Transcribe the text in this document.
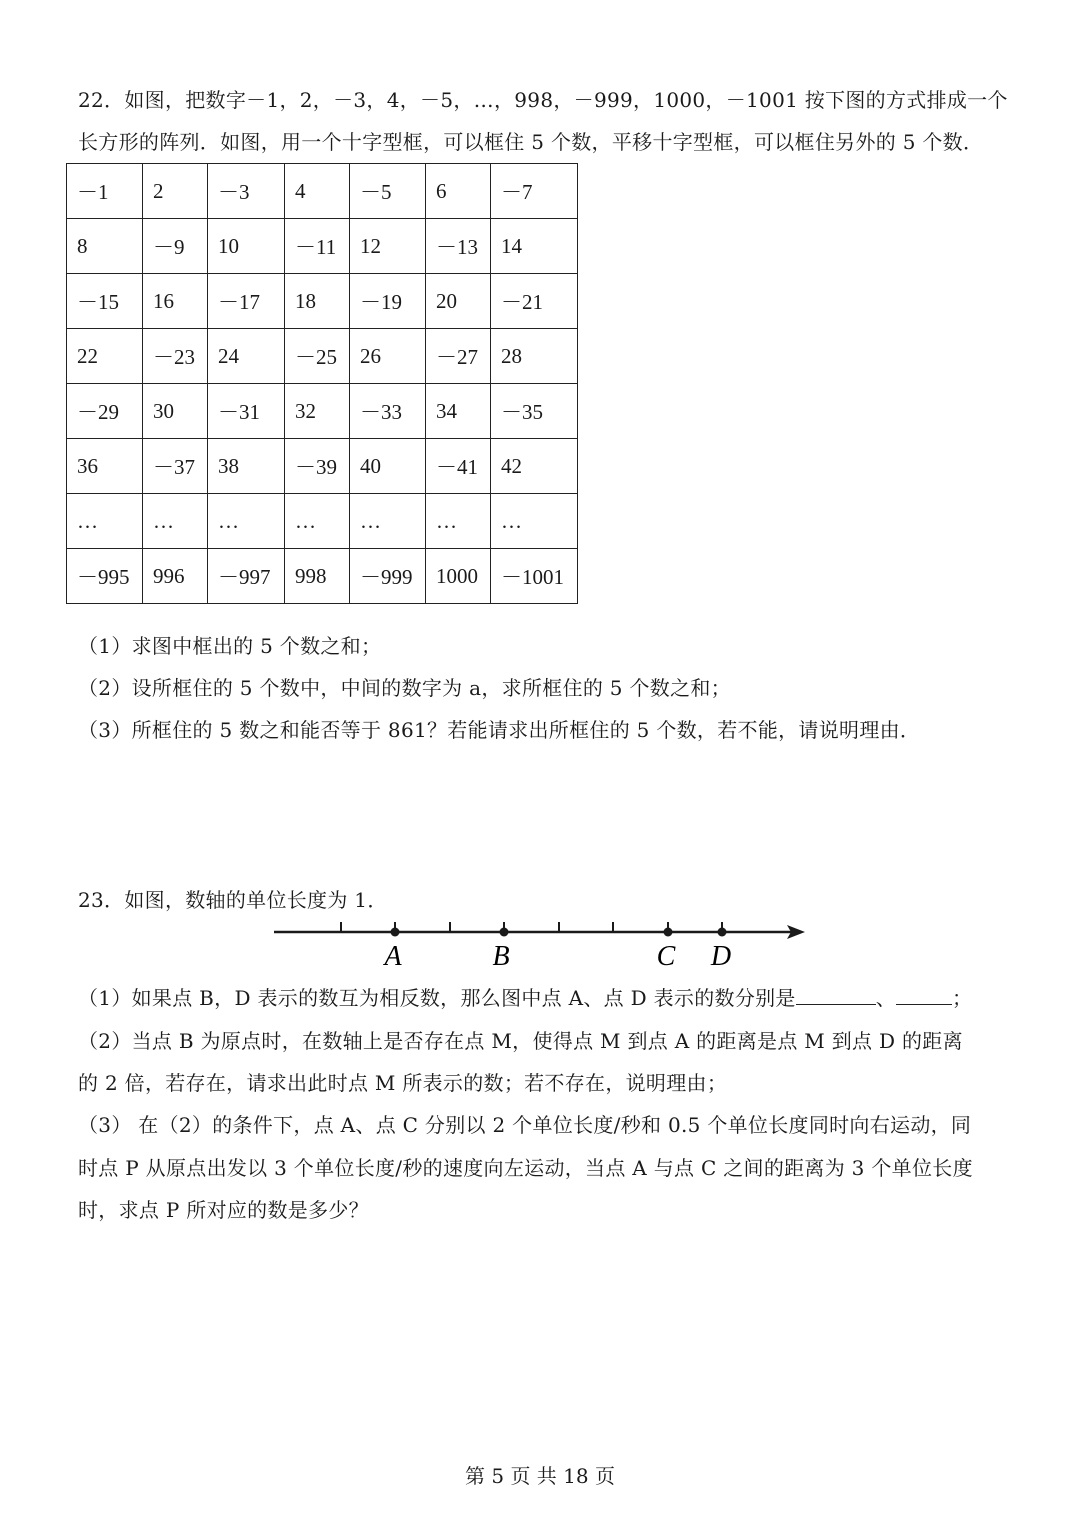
22．如图，把数字－1，2，－3，4，－5，…，998，－999，1000，－1001 按下图的方式排成一个
长方形的阵列．如图，用一个十字型框，可以框住 5 个数，平移十字型框，可以框住另外的 5 个数．
－1	2	－3	4	－5	6	－7
8	－9	10	－11	12	－13	14
－15	16	－17	18	－19	20	－21
22	－23	24	－25	26	－27	28
－29	30	－31	32	－33	34	－35
36	－37	38	－39	40	－41	42
…	…	…	…	…	…	…
－995	996	－997	998	－999	1000	－1001
（1）求图中框出的 5 个数之和；
（2）设所框住的 5 个数中，中间的数字为 a，求所框住的 5 个数之和；
（3）所框住的 5 数之和能否等于 861？若能请求出所框住的 5 个数，若不能，请说明理由．
23．如图，数轴的单位长度为 1．
A	B	C D
（1）如果点 B，D 表示的数互为相反数，那么图中点 A、点 D 表示的数分别是	、	；
（2）当点 B 为原点时，在数轴上是否存在点 M，使得点 M 到点 A 的距离是点 M 到点 D 的距离
的 2 倍，若存在，请求出此时点 M 所表示的数；若不存在，说明理由；
（3） 在（2）的条件下，点 A、点 C 分别以 2 个单位长度/秒和 0.5 个单位长度同时向右运动，同
时点 P 从原点出发以 3 个单位长度/秒的速度向左运动，当点 A 与点 C 之间的距离为 3 个单位长度
时，求点 P 所对应的数是多少？
第 5 页 共 18 页
